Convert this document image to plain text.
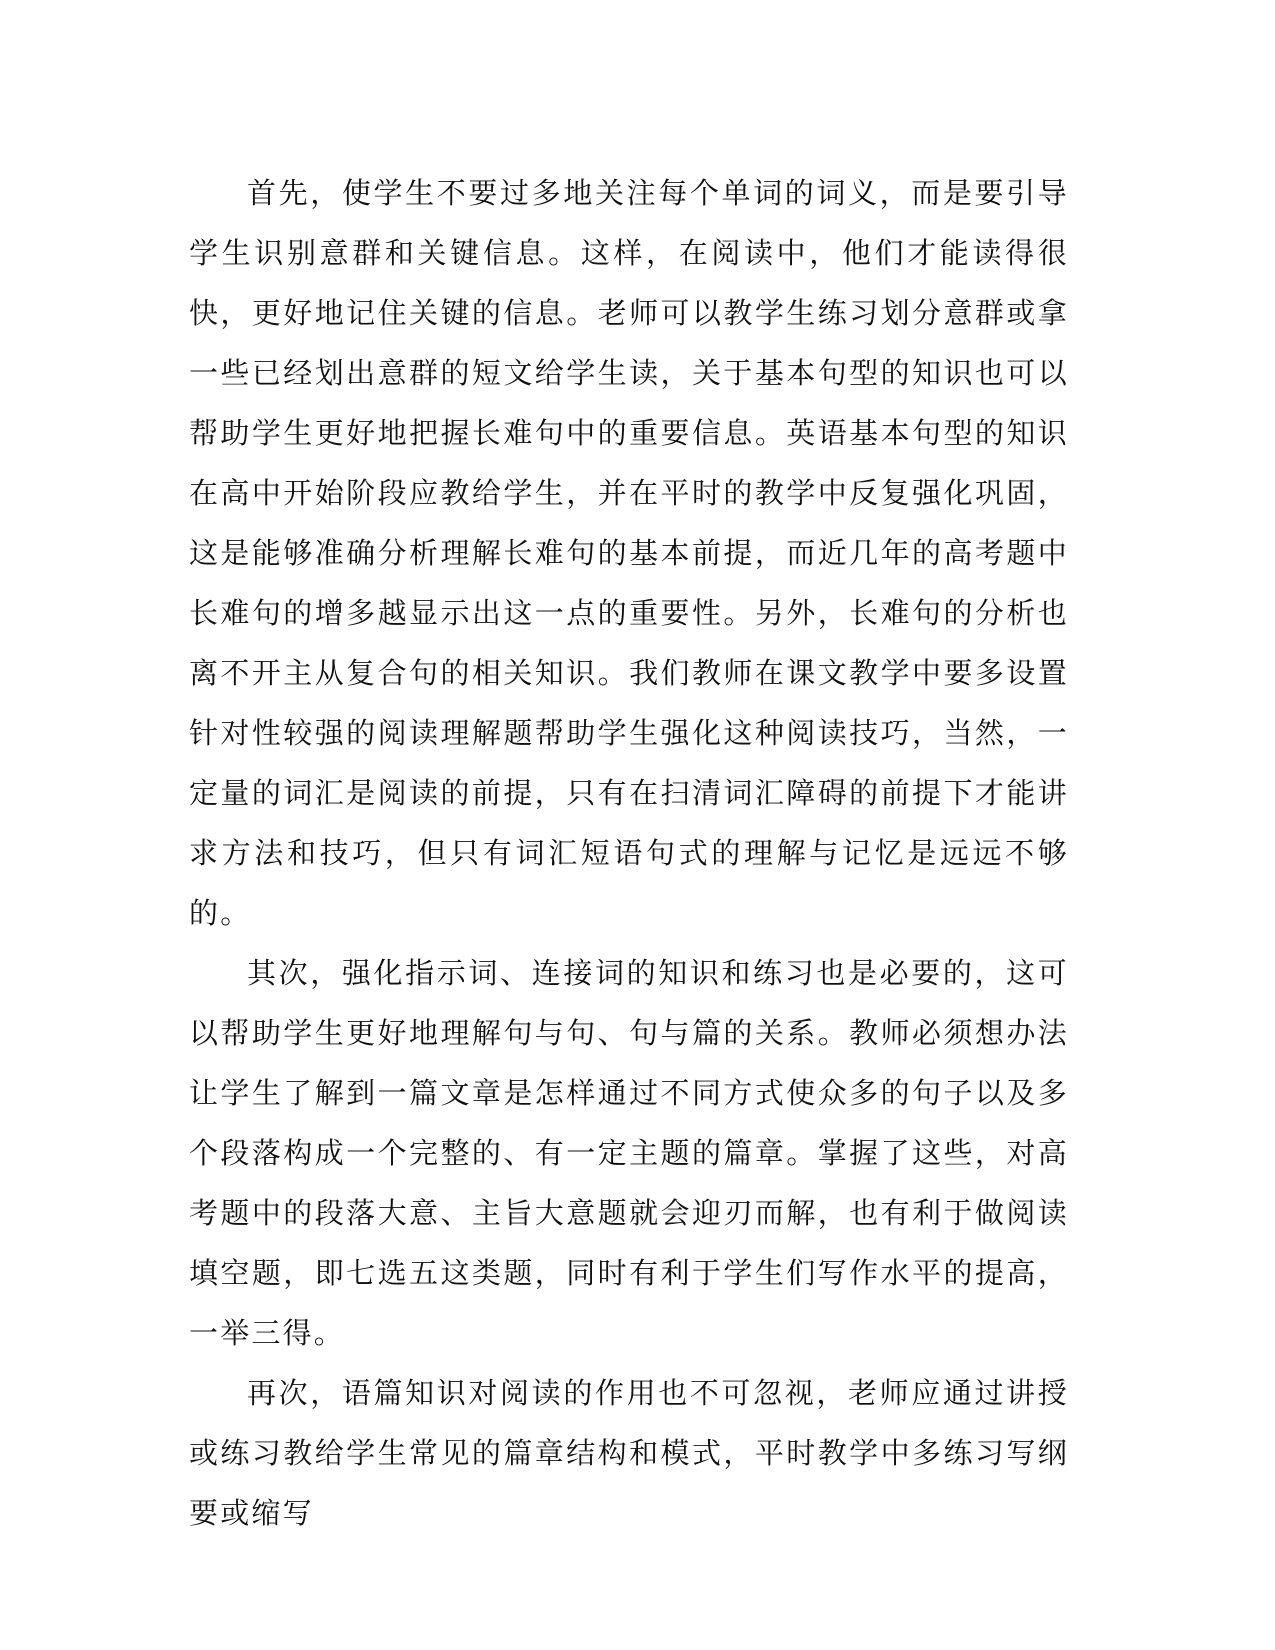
首先，使学生不要过多地关注每个单词的词义，而是要引导学生识别意群和关键信息。这样，在阅读中，他们才能读得很快，更好地记住关键的信息。老师可以教学生练习划分意群或拿一些已经划出意群的短文给学生读，关于基本句型的知识也可以帮助学生更好地把握长难句中的重要信息。英语基本句型的知识在高中开始阶段应教给学生，并在平时的教学中反复强化巩固，这是能够准确分析理解长难句的基本前提，而近几年的高考题中长难句的增多越显示出这一点的重要性。另外，长难句的分析也离不开主从复合句的相关知识。我们教师在课文教学中要多设置针对性较强的阅读理解题帮助学生强化这种阅读技巧，当然，一定量的词汇是阅读的前提，只有在扫清词汇障碍的前提下才能讲求方法和技巧，但只有词汇短语句式的理解与记忆是远远不够的。

其次，强化指示词、连接词的知识和练习也是必要的，这可以帮助学生更好地理解句与句、句与篇的关系。教师必须想办法让学生了解到一篇文章是怎样通过不同方式使众多的句子以及多个段落构成一个完整的、有一定主题的篇章。掌握了这些，对高考题中的段落大意、主旨大意题就会迎刃而解，也有利于做阅读填空题，即七选五这类题，同时有利于学生们写作水平的提高，一举三得。

再次，语篇知识对阅读的作用也不可忽视，老师应通过讲授或练习教给学生常见的篇章结构和模式，平时教学中多练习写纲要或缩写
